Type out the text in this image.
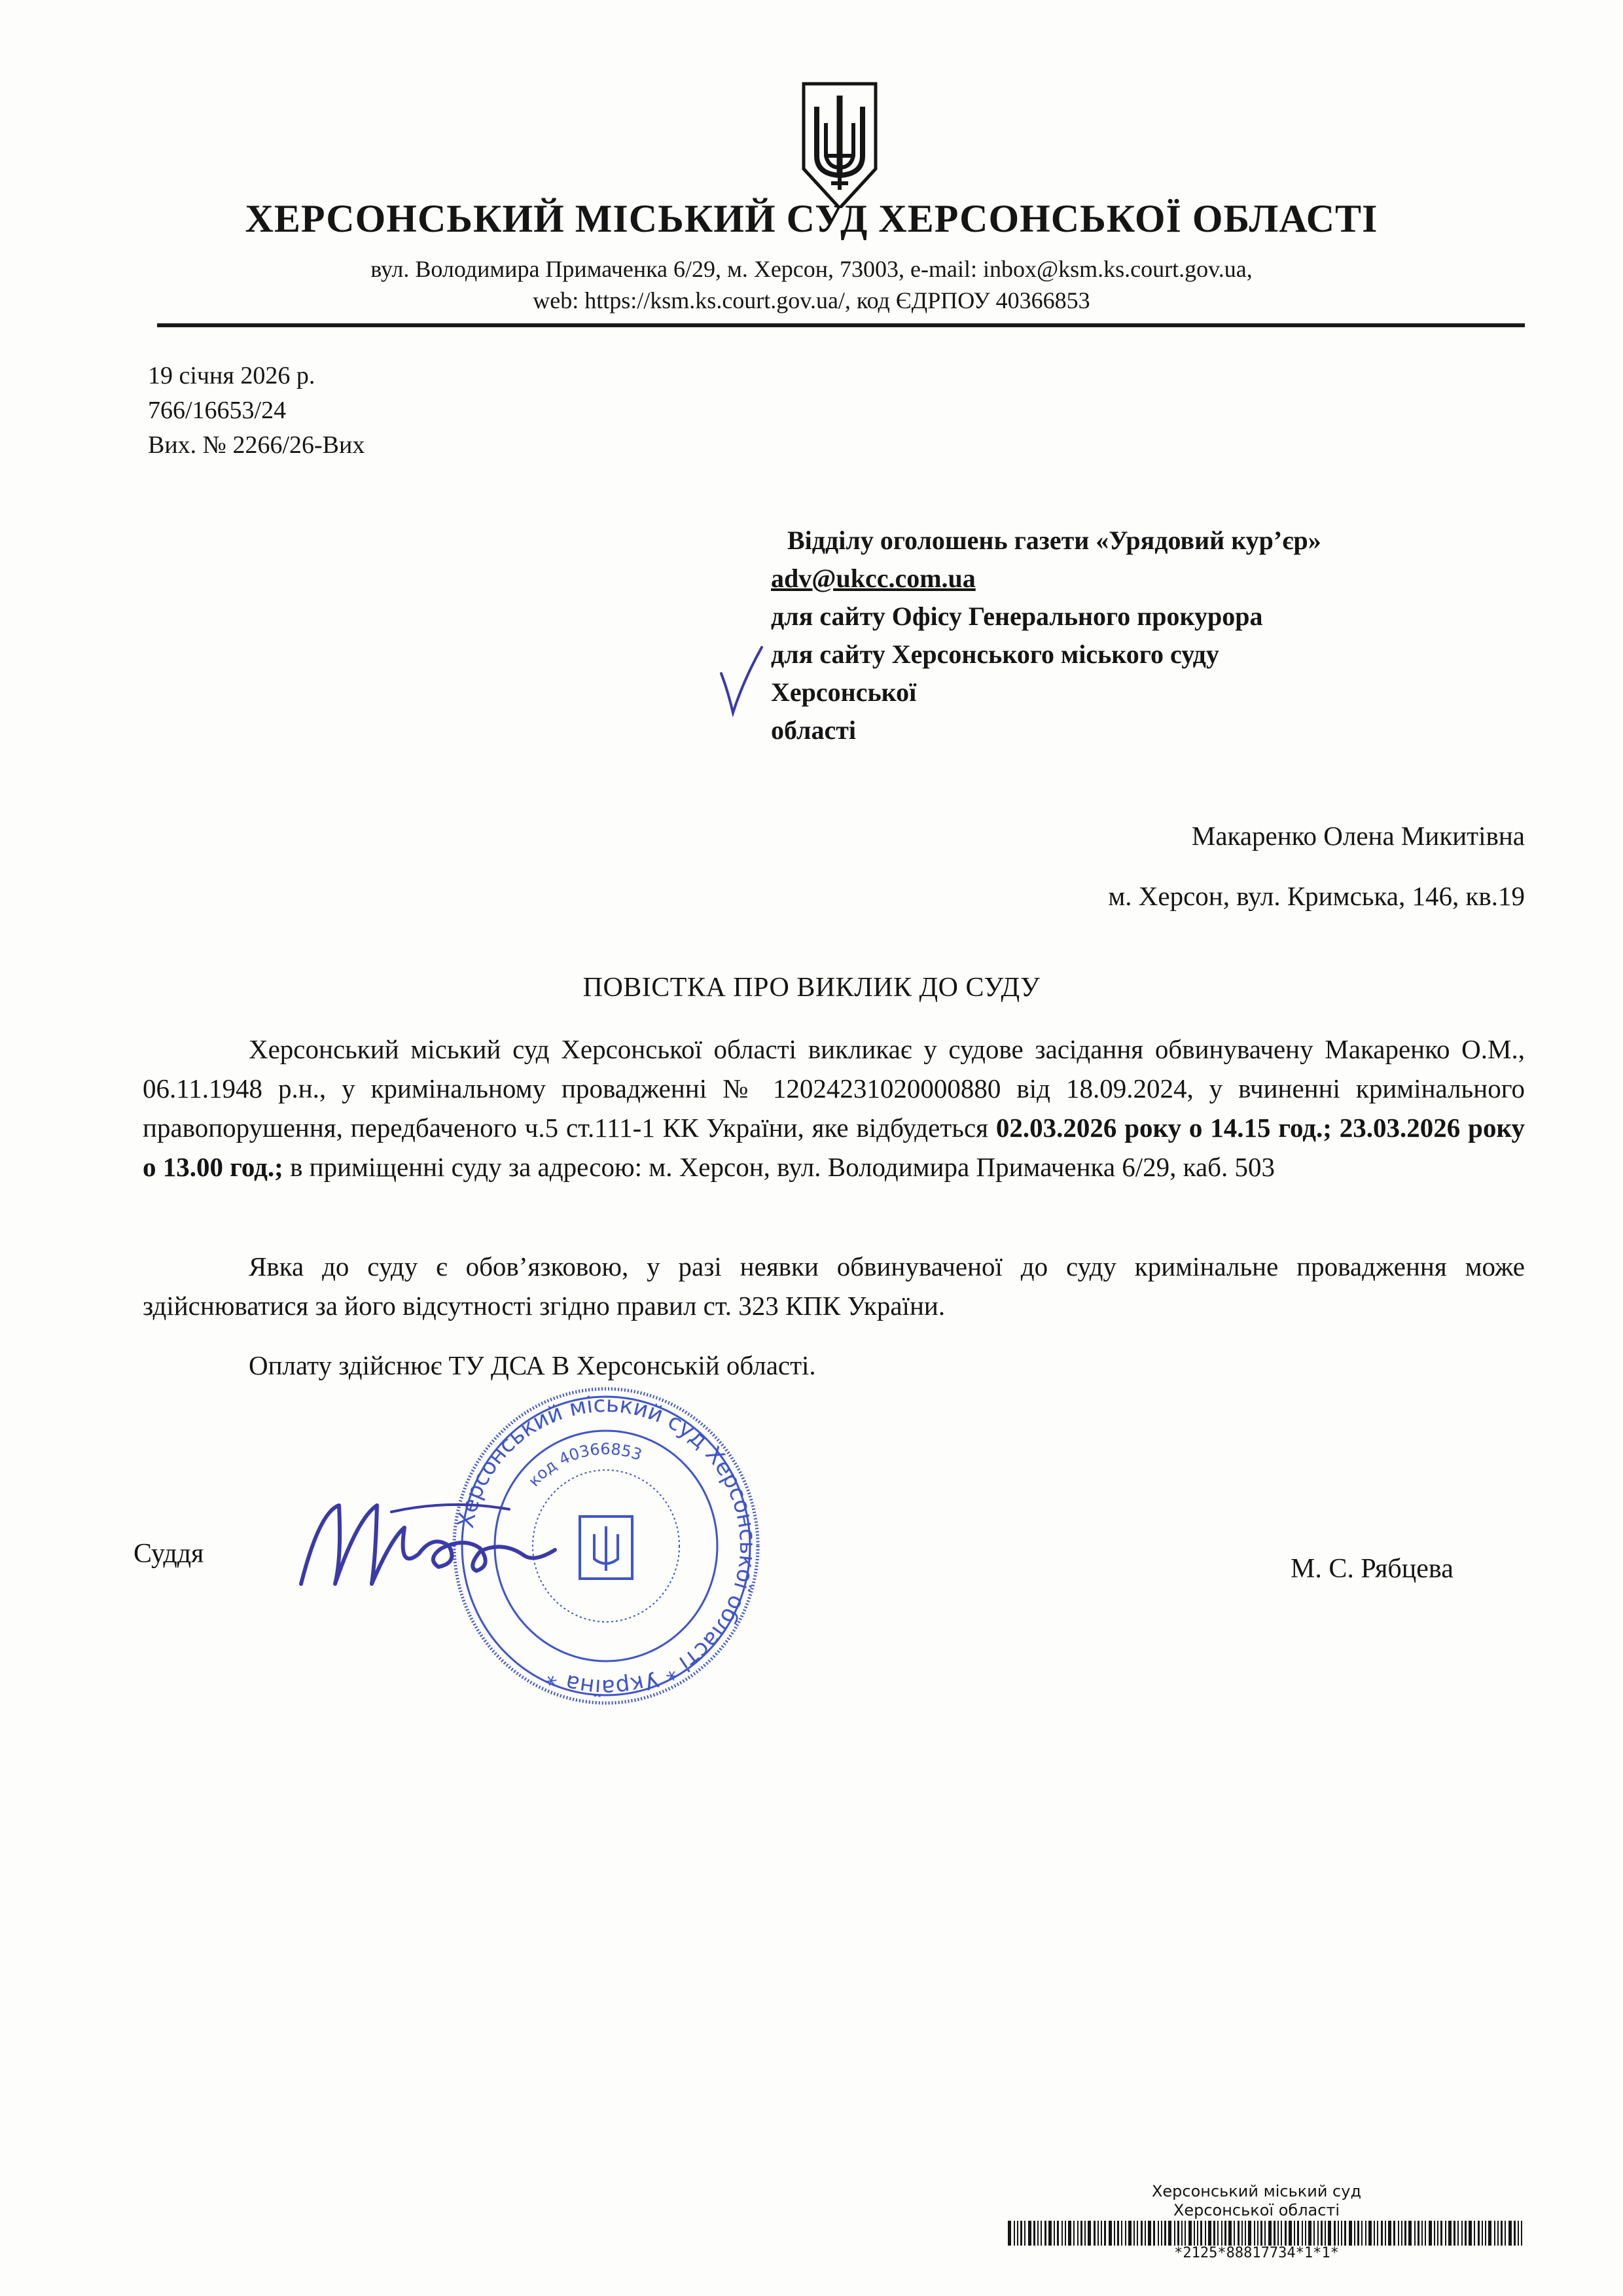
ХЕРСОНСЬКИЙ МІСЬКИЙ СУД ХЕРСОНСЬКОЇ ОБЛАСТІ
вул. Володимира Примаченка 6/29, м. Херсон, 73003, e-mail: inbox@ksm.ks.court.gov.ua,
web: https://ksm.ks.court.gov.ua/, код ЄДРПОУ 40366853
19 січня 2026 р.
766/16653/24
Вих. № 2266/26-Вих
Відділу оголошень газети «Урядовий кур’єр»
adv@ukcc.com.ua
для сайту Офісу Генерального прокурора
для сайту Херсонського міського суду
Херсонської
області
Макаренко Олена Микитівна
м. Херсон, вул. Кримська, 146, кв.19
ПОВІСТКА ПРО ВИКЛИК ДО СУДУ
Херсонський міський суд Херсонської області викликає у судове засідання обвинувачену Макаренко О.М., 06.11.1948 р.н., у кримінальному провадженні № 12024231020000880 від 18.09.2024, у вчиненні кримінального правопорушення, передбаченого ч.5 ст.111-1 КК України, яке відбудеться 02.03.2026 року о 14.15 год.; 23.03.2026 року о 13.00 год.; в приміщенні суду за адресою: м. Херсон, вул. Володимира Примаченка 6/29, каб. 503
Явка до суду є обов’язковою, у разі неявки обвинуваченої до суду кримінальне провадження може здійснюватися за його відсутності згідно правил ст. 323 КПК України.
Оплату здійснює ТУ ДСА В Херсонській області.
Суддя	М. С. Рябцева
Херсонський міський суд Херсонської області * Україна *
код 40366853
Херсонський міський суд
Херсонської області
*2125*88817734*1*1*
